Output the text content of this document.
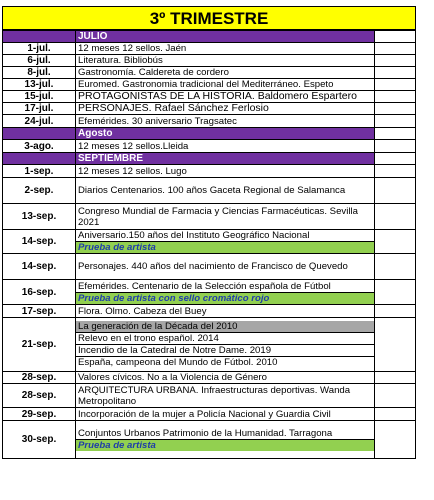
3º TRIMESTRE
	JULIO	
1-jul.	12 meses 12 sellos. Jaén	

6-jul.	Literatura. Bibliobús	

8-jul.	Gastronomía. Caldereta de cordero	

13-jul.	Euromed. Gastronomia tradicional del Mediterráneo. Espeto	

15-jul.	PROTAGONISTAS DE LA HISTORIA. Baldomero Espartero	

17-jul.	PERSONAJES. Rafael Sánchez Ferlosio	

24-jul.	Efemérides. 30 aniversario Tragsatec	

	Agosto	
3-ago.	12 meses 12 sellos.Lleida	

	SEPTIEMBRE	
1-sep.	12 meses 12 sellos. Lugo	

2-sep.	Diarios Centenarios. 100 años Gaceta Regional de Salamanca	

13-sep.	Congreso Mundial de Farmacia y Ciencias Farmacéuticas. Sevilla 2021	

14-sep.	Aniversario.150 años del Instituto Geográfico Nacional
Prueba de artista	

14-sep.	Personajes. 440 años del nacimiento de Francisco de Quevedo	

16-sep.	Efemérides. Centenario de la Selección española de Fútbol
Prueba de artista con sello cromático rojo	

17-sep.	Flora. Olmo. Cabeza del Buey	

21-sep.	La generación de la Década del 2010
Relevo en el trono español. 2014
Incendio de la Catedral de Notre Dame. 2019
España, campeona del Mundo de Fútbol. 2010	

28-sep.	Valores cívicos. No a la Violencia de Género	

28-sep.	ARQUITECTURA URBANA. Infraestructuras deportivas. Wanda Metropolitano	

29-sep.	Incorporación de la mujer a Policía Nacional y Guardia Civil	

30-sep.	Conjuntos Urbanos Patrimonio de la Humanidad. Tarragona
Prueba de artista	
